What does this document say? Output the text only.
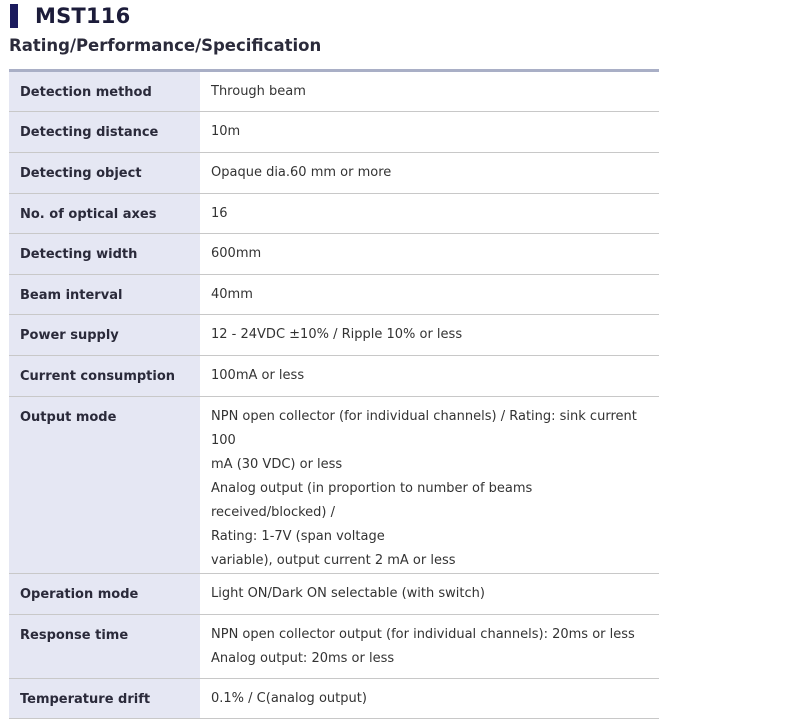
MST116
Rating/Performance/Specification
Detection method	Through beam

Detecting distance	10m

Detecting object	Opaque dia.60 mm or more

No. of optical axes	16

Detecting width	600mm

Beam interval	40mm

Power supply	12 - 24VDC ±10% / Ripple 10% or less

Current consumption	100mA or less

Output mode	NPN open collector (for individual channels) / Rating: sink current 100
mA (30 VDC) or less
Analog output (in proportion to number of beams received/blocked) /
Rating: 1-7V (span voltage
variable), output current 2 mA or less

Operation mode	Light ON/Dark ON selectable (with switch)

Response time	NPN open collector output (for individual channels): 20ms or less
Analog output: 20ms or less

Temperature drift	0.1% / C(analog output)
